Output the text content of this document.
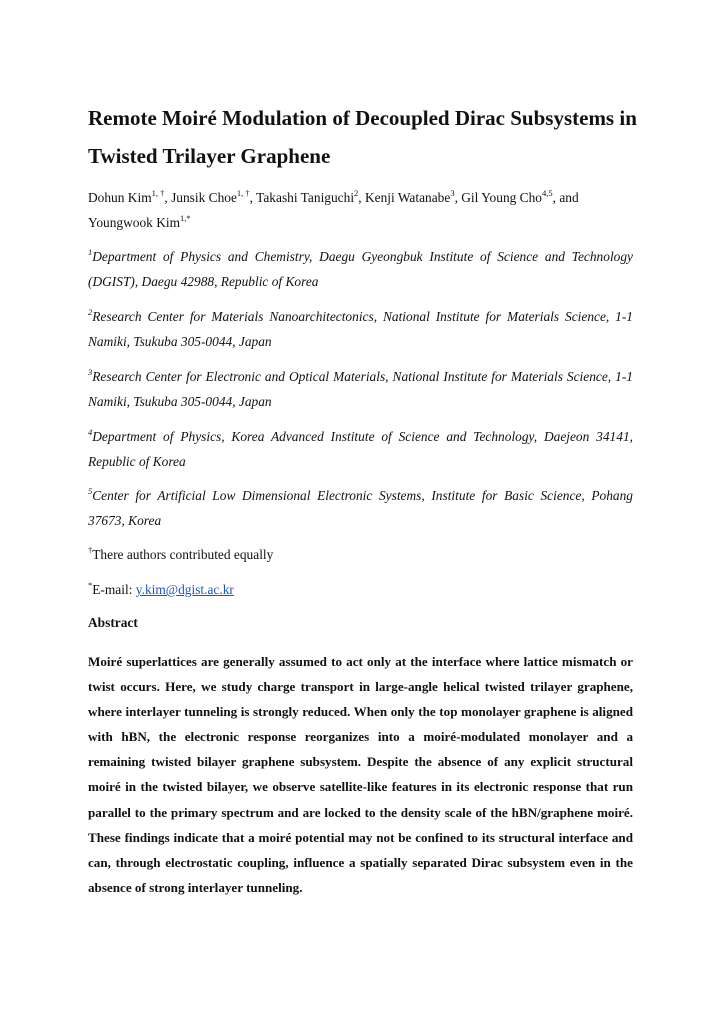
Remote Moiré Modulation of Decoupled Dirac Subsystems in Twisted Trilayer Graphene
Dohun Kim$^{1, \dagger}$, Junsik Choe$^{1, \dagger}$, Takashi Taniguchi$^2$, Kenji Watanabe$^3$, Gil Young Cho$^{4,5}$, and
Youngwook Kim$^{1,*}$
$^1$Department of Physics and Chemistry, Daegu Gyeongbuk Institute of Science and Technology (DGIST), Daegu 42988, Republic of Korea
$^2$Research Center for Materials Nanoarchitectonics, National Institute for Materials Science, 1-1 Namiki, Tsukuba 305-0044, Japan
$^3$Research Center for Electronic and Optical Materials, National Institute for Materials Science, 1-1 Namiki, Tsukuba 305-0044, Japan
$^4$Department of Physics, Korea Advanced Institute of Science and Technology, Daejeon 34141, Republic of Korea
$^5$Center for Artificial Low Dimensional Electronic Systems, Institute for Basic Science, Pohang 37673, Korea
†There authors contributed equally
*E-mail: y.kim@dgist.ac.kr
Abstract

Moiré superlattices are generally assumed to act only at the interface where lattice mismatch or twist occurs. Here, we study charge transport in large-angle helical twisted trilayer graphene, where interlayer tunneling is strongly reduced. When only the top monolayer graphene is aligned with hBN, the electronic response reorganizes into a moiré-modulated monolayer and a remaining twisted bilayer graphene subsystem. Despite the absence of any explicit structural moiré in the twisted bilayer, we observe satellite-like features in its electronic response that run parallel to the primary spectrum and are locked to the density scale of the hBN/graphene moiré. These findings indicate that a moiré potential may not be confined to its structural interface and can, through electrostatic coupling, influence a spatially separated Dirac subsystem even in the absence of strong interlayer tunneling.
